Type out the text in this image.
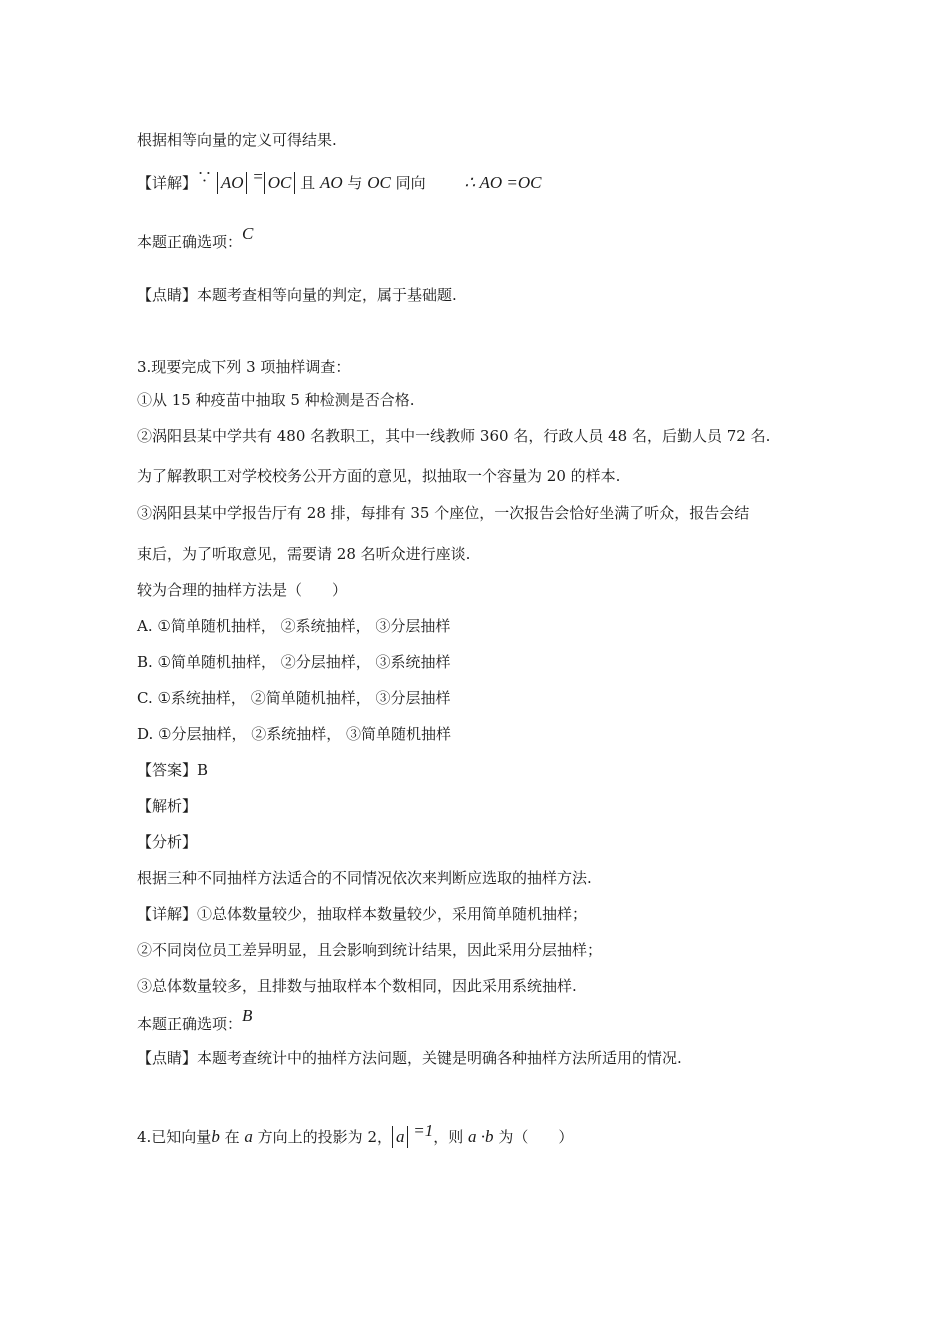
根据相等向量的定义可得结果.
【详解】∵ AO = OC 且 AO 与 OC 同向 ∴ AO =OC
本题正确选项：C
【点睛】本题考查相等向量的判定，属于基础题.
3.现要完成下列 3 项抽样调查：
①从 15 种疫苗中抽取 5 种检测是否合格.
②涡阳县某中学共有 480 名教职工，其中一线教师 360 名，行政人员 48 名，后勤人员 72 名.
为了解教职工对学校校务公开方面的意见，拟抽取一个容量为 20 的样本.
③涡阳县某中学报告厅有 28 排，每排有 35 个座位，一次报告会恰好坐满了听众，报告会结
束后，为了听取意见，需要请 28 名听众进行座谈.
较为合理的抽样方法是（　　）
A. ①简单随机抽样， ②系统抽样， ③分层抽样
B. ①简单随机抽样， ②分层抽样， ③系统抽样
C. ①系统抽样， ②简单随机抽样， ③分层抽样
D. ①分层抽样， ②系统抽样， ③简单随机抽样
【答案】B
【解析】
【分析】
根据三种不同抽样方法适合的不同情况依次来判断应选取的抽样方法.
【详解】①总体数量较少，抽取样本数量较少，采用简单随机抽样；
②不同岗位员工差异明显，且会影响到统计结果，因此采用分层抽样；
③总体数量较多，且排数与抽取样本个数相同，因此采用系统抽样.
本题正确选项：B
【点睛】本题考查统计中的抽样方法问题，关键是明确各种抽样方法所适用的情况.
4.已知向量b 在 a 方向上的投影为 2， a =1，则 a ·b 为（　　）
